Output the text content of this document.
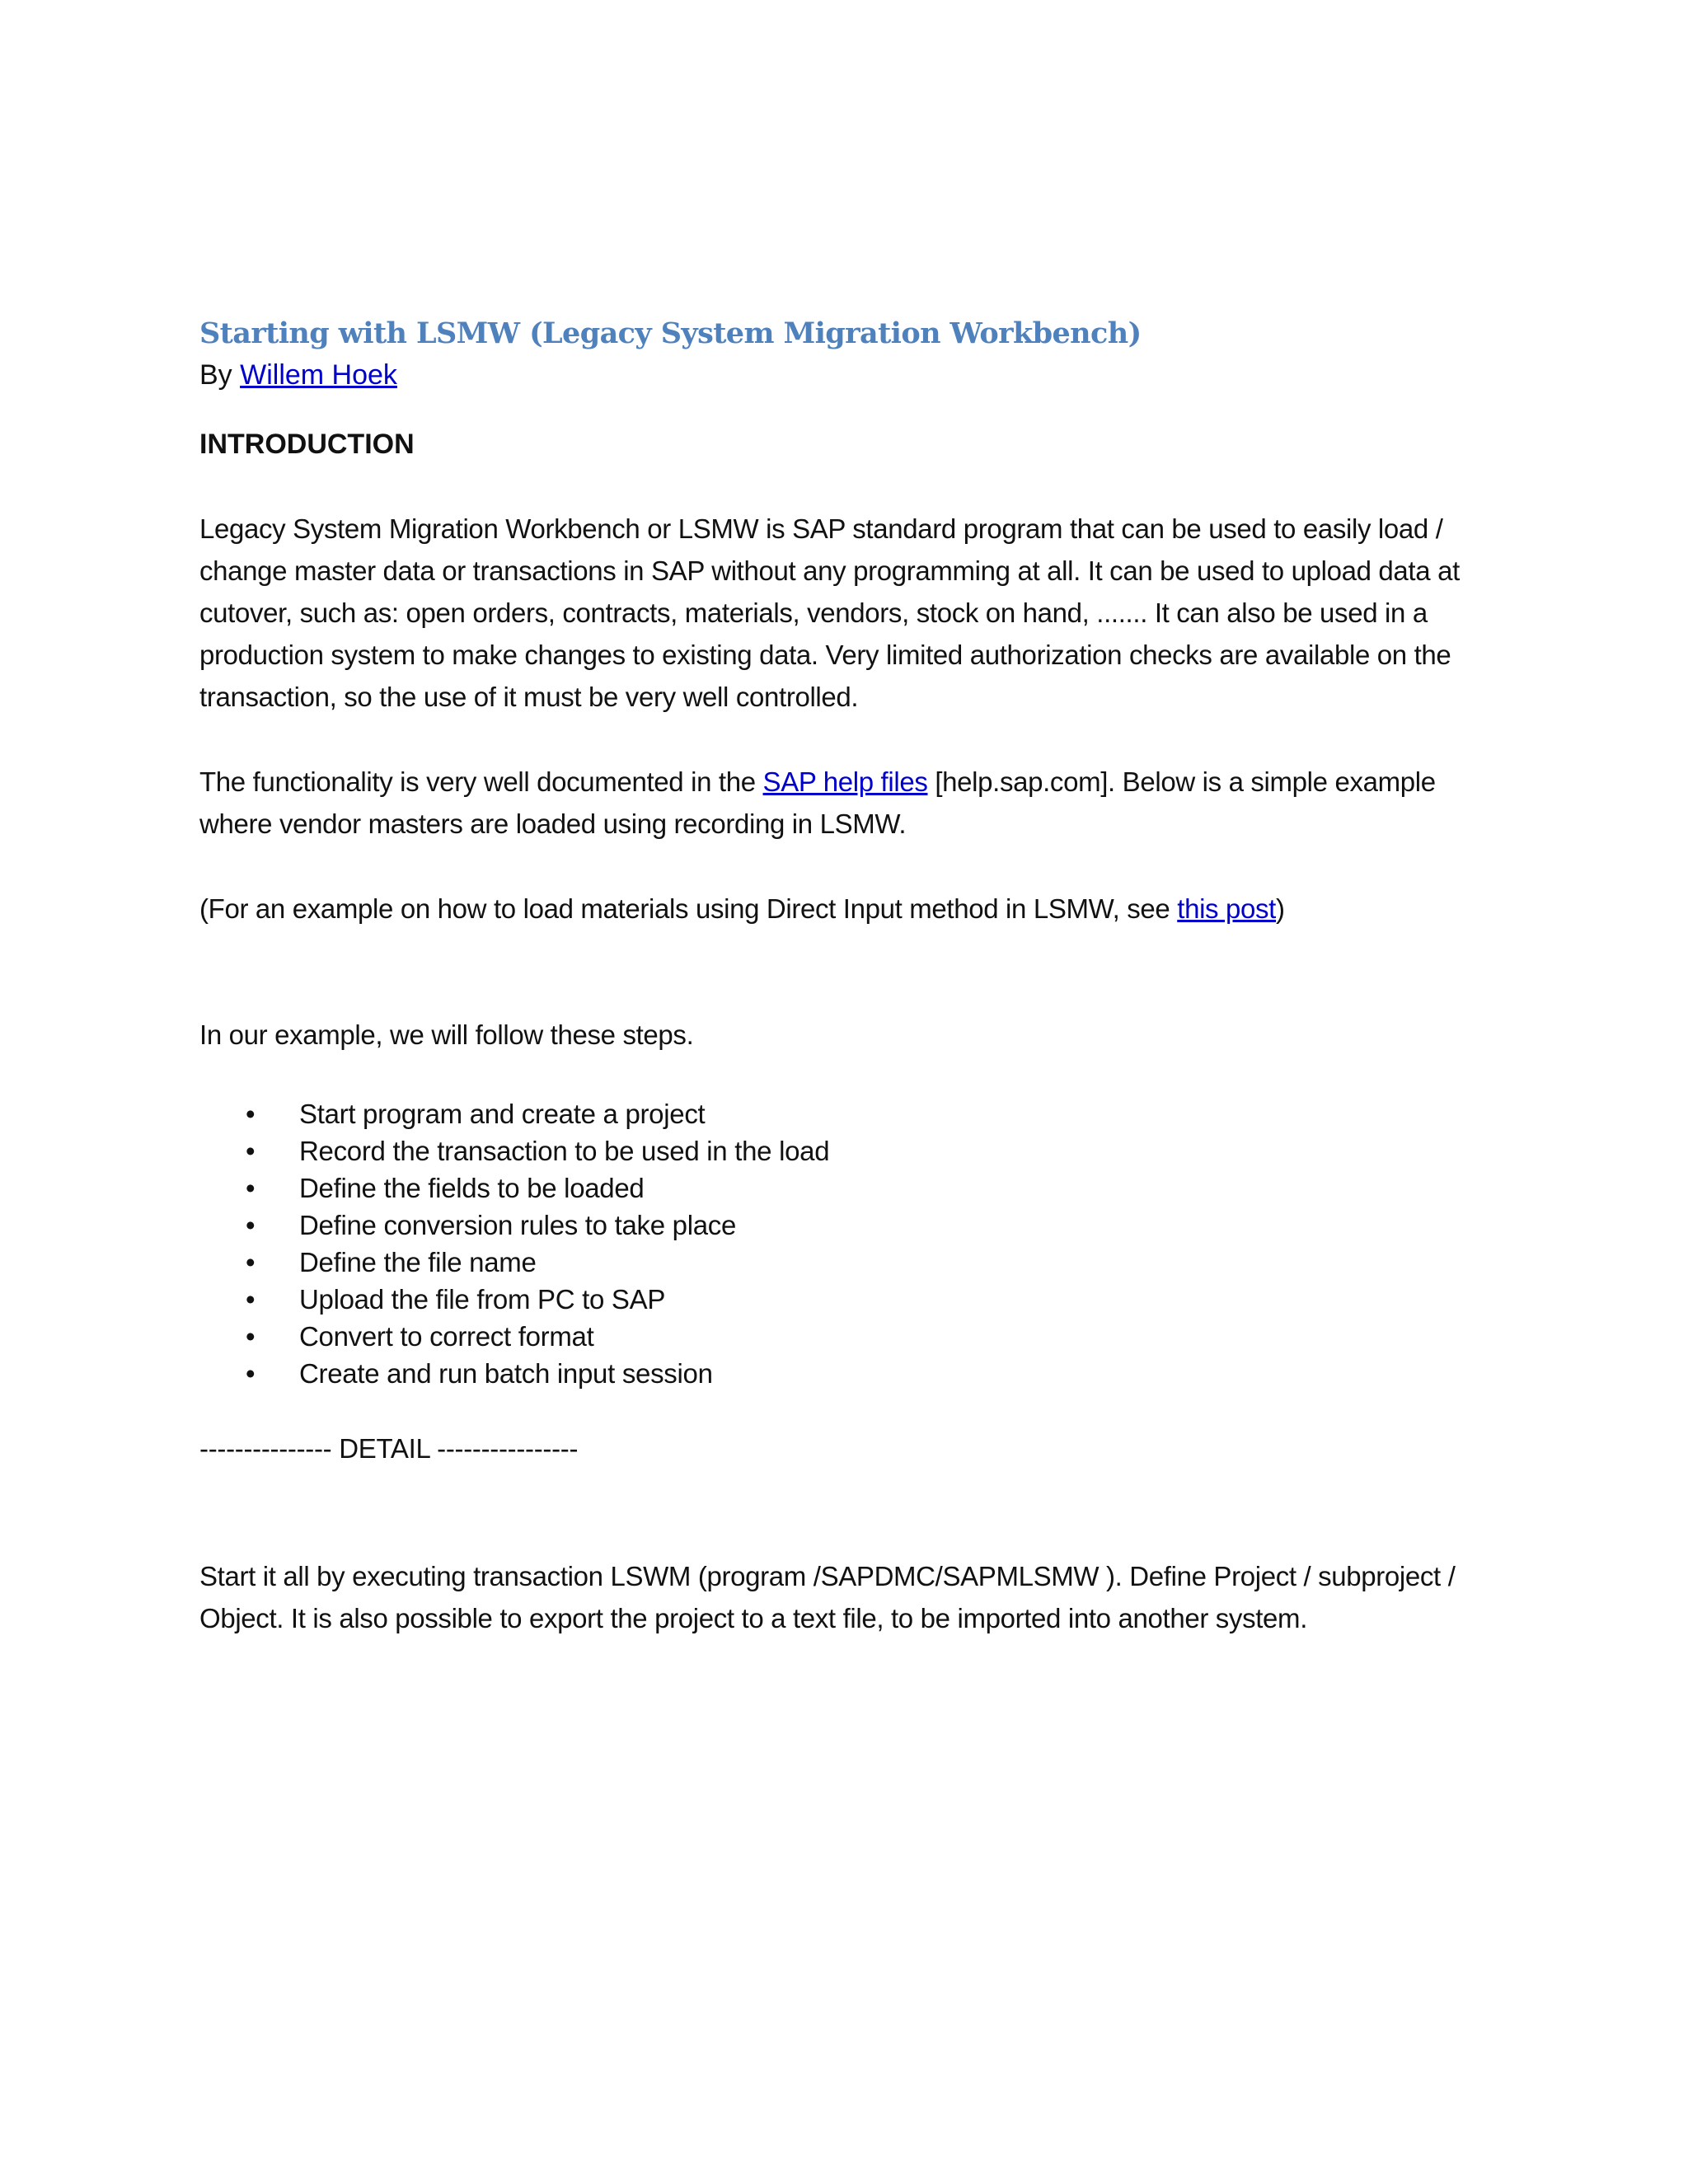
Starting with LSMW (Legacy System Migration Workbench)

By Willem Hoek

INTRODUCTION

Legacy System Migration Workbench or LSMW is SAP standard program that can be used to easily load / change master data or transactions in SAP without any programming at all. It can be used to upload data at cutover, such as: open orders, contracts, materials, vendors, stock on hand, ....... It can also be used in a production system to make changes to existing data. Very limited authorization checks are available on the transaction, so the use of it must be very well controlled.

The functionality is very well documented in the SAP help files [help.sap.com]. Below is a simple example where vendor masters are loaded using recording in LSMW.

(For an example on how to load materials using Direct Input method in LSMW, see this post)

In our example, we will follow these steps.

• Start program and create a project
• Record the transaction to be used in the load
• Define the fields to be loaded
• Define conversion rules to take place
• Define the file name
• Upload the file from PC to SAP
• Convert to correct format
• Create and run batch input session

--------------- DETAIL ----------------

Start it all by executing transaction LSWM (program /SAPDMC/SAPMLSMW ). Define Project / subproject / Object. It is also possible to export the project to a text file, to be imported into another system.
